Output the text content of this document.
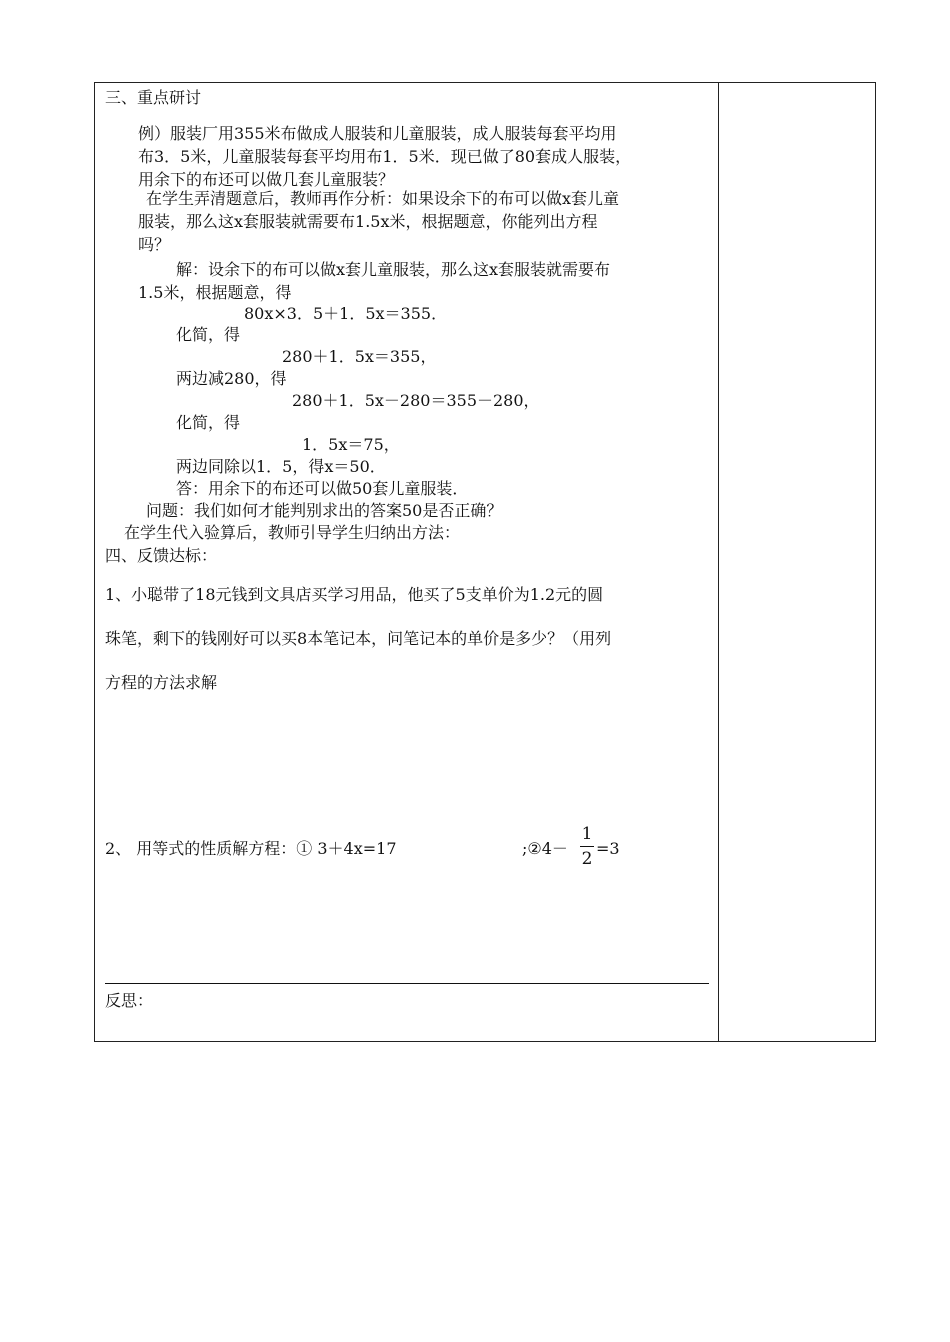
三、重点研讨
例）服装厂用355米布做成人服装和儿童服装，成人服装每套平均用
布3．5米，儿童服装每套平均用布1．5米．现已做了80套成人服装，
用余下的布还可以做几套儿童服装？
在学生弄清题意后，教师再作分析：如果设余下的布可以做x套儿童
服装，那么这x套服装就需要布1.5x米，根据题意，你能列出方程
吗？
解：设余下的布可以做x套儿童服装，那么这x套服装就需要布
1.5米，根据题意，得
80x×3．5＋1．5x＝355．
化简，得
280＋1．5x＝355，
两边减280，得
280＋1．5x－280＝355－280，
化简，得
1．5x＝75，
两边同除以1．5，得x＝50．
答：用余下的布还可以做50套儿童服装．
问题：我们如何才能判别求出的答案50是否正确？
在学生代入验算后，教师引导学生归纳出方法：
四、反馈达标：
1、小聪带了18元钱到文具店买学习用品，他买了5支单价为1.2元的圆
珠笔，剩下的钱刚好可以买8本笔记本，问笔记本的单价是多少？（用列
方程的方法求解
2、 用等式的性质解方程：① 3＋4x=17	;②4－
1
2
=3
反思：
